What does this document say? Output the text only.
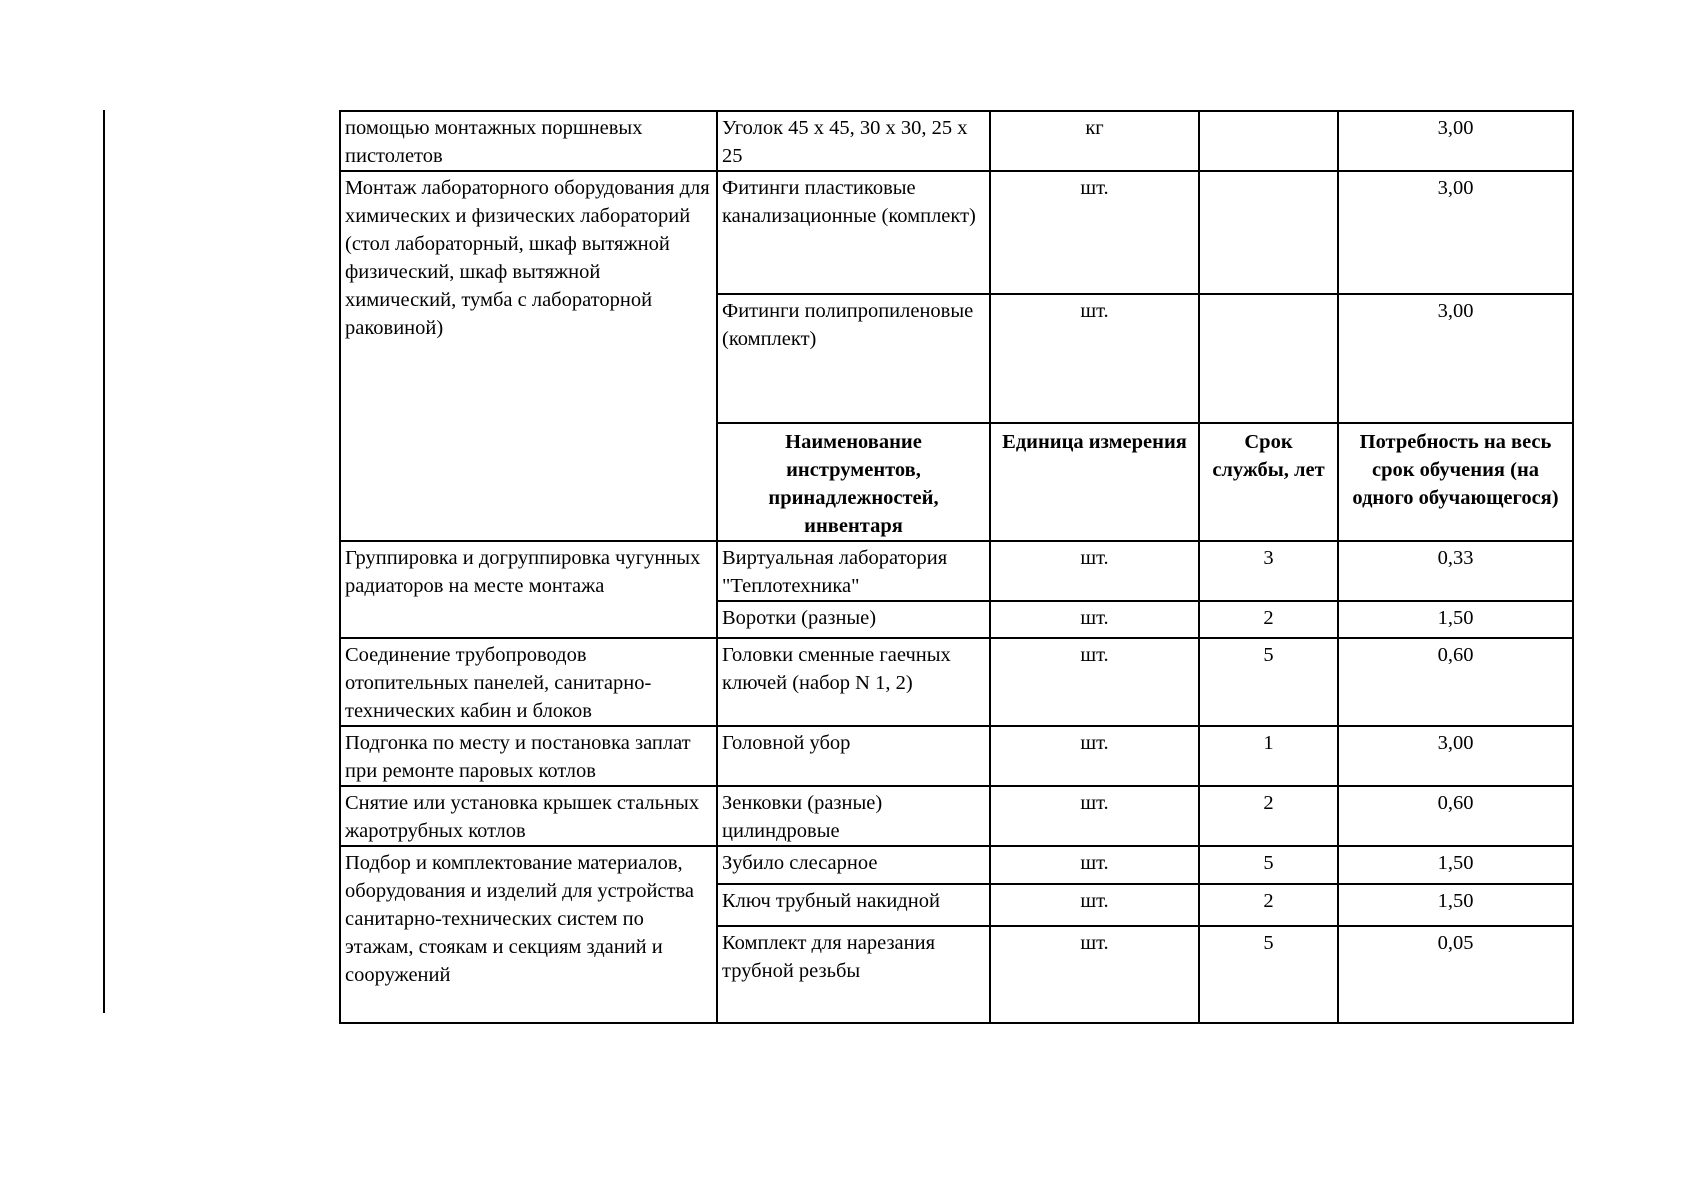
помощью монтажных поршневых пистолетов	Уголок 45 x 45, 30 x 30, 25 x 25	кг		3,00
Монтаж лабораторного оборудования для химических и физических лабораторий (стол лабораторный, шкаф вытяжной физический, шкаф вытяжной химический, тумба с лабораторной раковиной)	Фитинги пластиковые канализационные (комплект)	шт.		3,00
	Фитинги полипропиленовые (комплект)	шт.		3,00
	Наименование инструментов, принадлежностей, инвентаря	Единица измерения	Срок службы, лет	Потребность на весь срок обучения (на одного обучающегося)
Группировка и догруппировка чугунных радиаторов на месте монтажа	Виртуальная лаборатория "Теплотехника"	шт.	3	0,33
	Воротки (разные)	шт.	2	1,50
Соединение трубопроводов отопительных панелей, санитарно-технических кабин и блоков	Головки сменные гаечных ключей (набор N 1, 2)	шт.	5	0,60
Подгонка по месту и постановка заплат при ремонте паровых котлов	Головной убор	шт.	1	3,00
Снятие или установка крышек стальных жаротрубных котлов	Зенковки (разные) цилиндровые	шт.	2	0,60
Подбор и комплектование материалов, оборудования и изделий для устройства санитарно-технических систем по этажам, стоякам и секциям зданий и сооружений	Зубило слесарное	шт.	5	1,50
	Ключ трубный накидной	шт.	2	1,50
	Комплект для нарезания трубной резьбы	шт.	5	0,05
